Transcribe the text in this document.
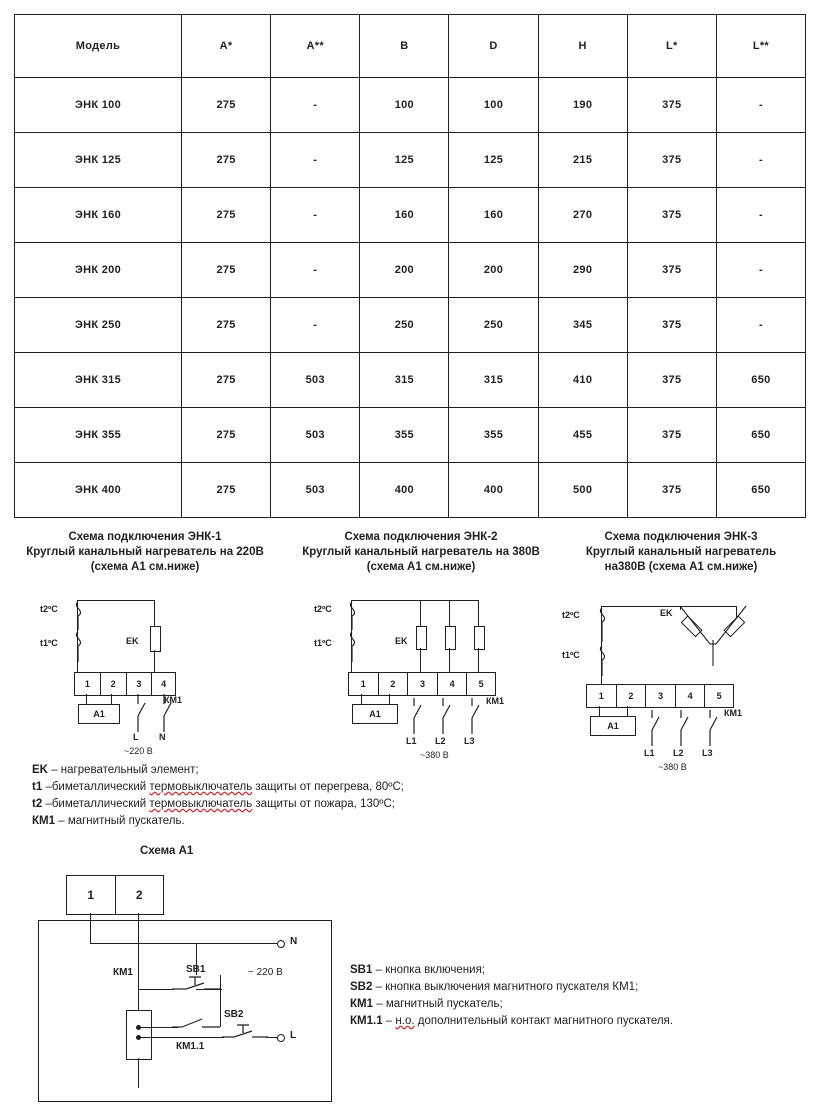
Модель	A*	A**	B	D	H	L*	L**
ЭНК 100	275	-	100	100	190	375	-
ЭНК 125	275	-	125	125	215	375	-
ЭНК 160	275	-	160	160	270	375	-
ЭНК 200	275	-	200	200	290	375	-
ЭНК 250	275	-	250	250	345	375	-
ЭНК 315	275	503	315	315	410	375	650
ЭНК 355	275	503	355	355	455	375	650
ЭНК 400	275	503	400	400	500	375	650
Схема подключения ЭНК-1
Круглый канальный нагреватель на 220В
(схема А1 см.ниже)
t2ºC
t1ºC	EK
1	2	3	4
А1
КМ1
L N
~220 В
Схема подключения ЭНК-2
Круглый канальный нагреватель на 380В
(схема А1 см.ниже)
t2ºC
t1ºC	EK
1	2	3	4	5
А1
КМ1
L1 L2 L3
~380 В
Схема подключения ЭНК-3
Круглый канальный нагреватель
на380В (схема А1 см.ниже)
t2ºC
t1ºC
EK
1	2	3	4	5
А1
КМ1
L1 L2 L3
~380 В
EK – нагревательный элемент;
t1 –биметаллический термовыключатель защиты от перегрева, 80ºС;
t2 –биметаллический термовыключатель защиты от пожара, 130ºС;
КМ1 – магнитный пускатель.
Схема А1
1	2
N
SB1
КМ1	~ 220 В
КМ1.1
SB2
L
SB1 – кнопка включения;
SB2 – кнопка выключения магнитного пускателя КМ1;
КМ1 – магнитный пускатель;
КМ1.1 – н.о. дополнительный контакт магнитного пускателя.
